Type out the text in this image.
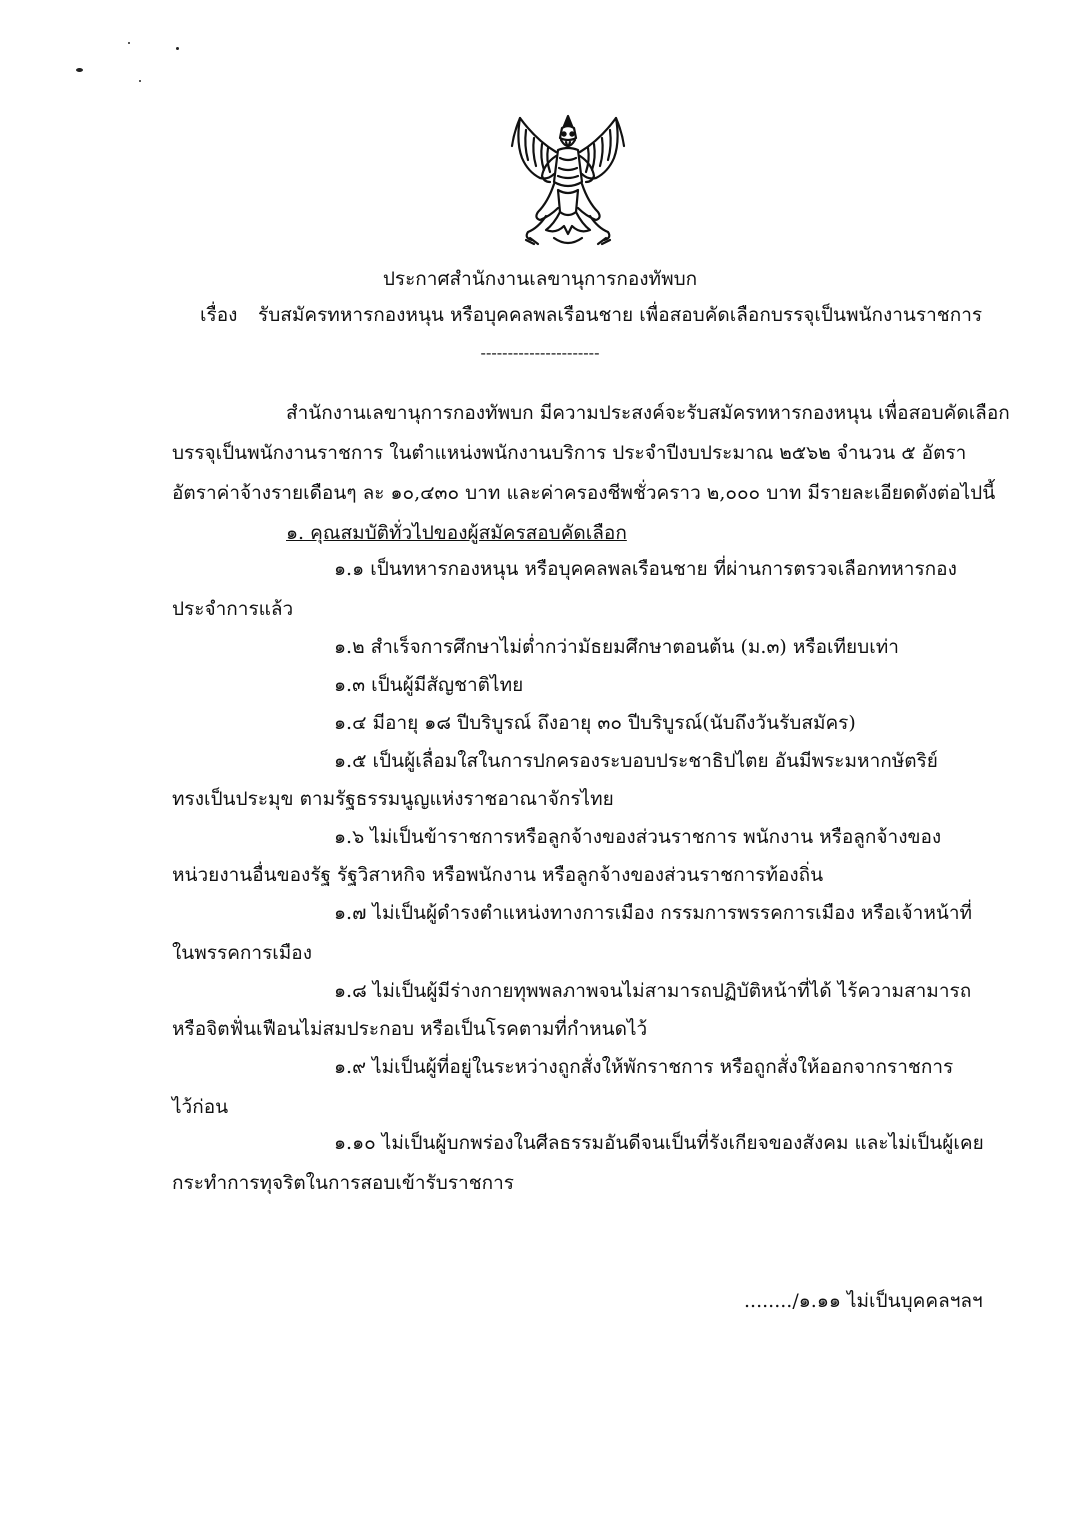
ประกาศสำนักงานเลขานุการกองทัพบก
เรื่อง รับสมัครทหารกองหนุน หรือบุคคลพลเรือนชาย เพื่อสอบคัดเลือกบรรจุเป็นพนักงานราชการ
----------------------
สำนักงานเลขานุการกองทัพบก มีความประสงค์จะรับสมัครทหารกองหนุน เพื่อสอบคัดเลือก
บรรจุเป็นพนักงานราชการ ในตำแหน่งพนักงานบริการ ประจำปีงบประมาณ ๒๕๖๒ จำนวน ๕ อัตรา
อัตราค่าจ้างรายเดือนๆ ละ ๑๐,๔๓๐ บาท และค่าครองชีพชั่วคราว ๒,๐๐๐ บาท มีรายละเอียดดังต่อไปนี้
๑. คุณสมบัติทั่วไปของผู้สมัครสอบคัดเลือก
๑.๑ เป็นทหารกองหนุน หรือบุคคลพลเรือนชาย ที่ผ่านการตรวจเลือกทหารกอง
ประจำการแล้ว
๑.๒ สำเร็จการศึกษาไม่ต่ำกว่ามัธยมศึกษาตอนต้น (ม.๓) หรือเทียบเท่า
๑.๓ เป็นผู้มีสัญชาติไทย
๑.๔ มีอายุ ๑๘ ปีบริบูรณ์ ถึงอายุ ๓๐ ปีบริบูรณ์(นับถึงวันรับสมัคร)
๑.๕ เป็นผู้เลื่อมใสในการปกครองระบอบประชาธิปไตย อันมีพระมหากษัตริย์
ทรงเป็นประมุข ตามรัฐธรรมนูญแห่งราชอาณาจักรไทย
๑.๖ ไม่เป็นข้าราชการหรือลูกจ้างของส่วนราชการ พนักงาน หรือลูกจ้างของ
หน่วยงานอื่นของรัฐ รัฐวิสาหกิจ หรือพนักงาน หรือลูกจ้างของส่วนราชการท้องถิ่น
๑.๗ ไม่เป็นผู้ดำรงตำแหน่งทางการเมือง กรรมการพรรคการเมือง หรือเจ้าหน้าที่
ในพรรคการเมือง
๑.๘ ไม่เป็นผู้มีร่างกายทุพพลภาพจนไม่สามารถปฏิบัติหน้าที่ได้ ไร้ความสามารถ
หรือจิตฟั่นเฟือนไม่สมประกอบ หรือเป็นโรคตามที่กำหนดไว้
๑.๙ ไม่เป็นผู้ที่อยู่ในระหว่างถูกสั่งให้พักราชการ หรือถูกสั่งให้ออกจากราชการ
ไว้ก่อน
๑.๑๐ ไม่เป็นผู้บกพร่องในศีลธรรมอันดีจนเป็นที่รังเกียจของสังคม และไม่เป็นผู้เคย
กระทำการทุจริตในการสอบเข้ารับราชการ
......../๑.๑๑ ไม่เป็นบุคคลฯลฯ
